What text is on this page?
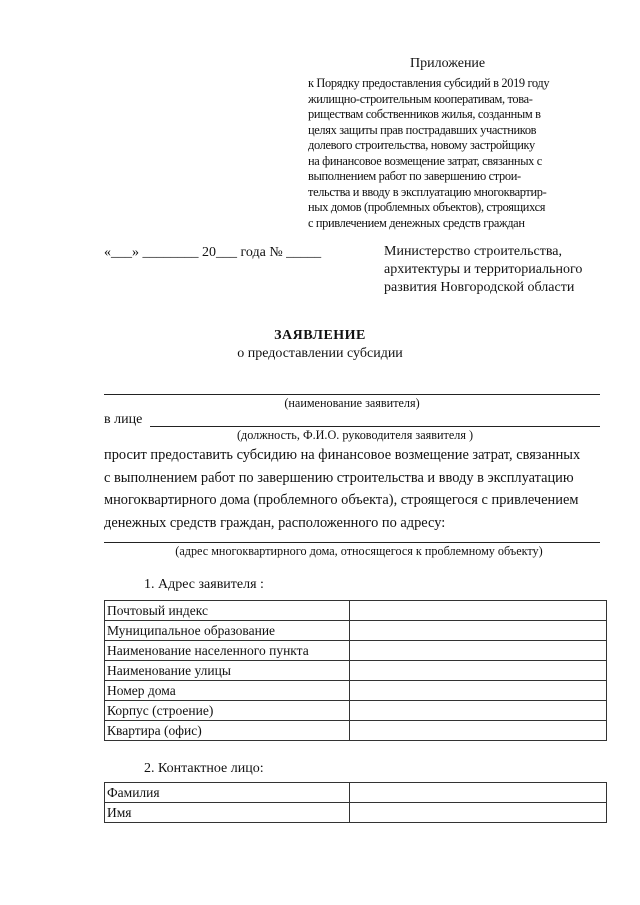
Приложение
к Порядку предоставления субсидий в 2019 году
жилищно-строительным кооперативам, това-
риществам собственников жилья, созданным в
целях защиты прав пострадавших участников
долевого строительства, новому застройщику
на финансовое возмещение затрат, связанных с
выполнением работ по завершению строи-
тельства и вводу в эксплуатацию многоквартир-
ных домов (проблемных объектов), строящихся
с привлечением денежных средств граждан
«___» ________ 20___ года № _____	Министерство строительства,
архитектуры и территориального
развития Новгородской области
ЗАЯВЛЕНИЕ
о предоставлении субсидии
(наименование заявителя)
в лице
(должность, Ф.И.О. руководителя заявителя )
просит предоставить субсидию на финансовое возмещение затрат, связанных
с выполнением работ по завершению строительства и вводу в эксплуатацию
многоквартирного дома (проблемного объекта), строящегося с привлечением
денежных средств граждан, расположенного по адресу:
(адрес многоквартирного дома, относящегося к проблемному объекту)
1. Адрес заявителя :
Почтовый индекс	
Муниципальное образование	
Наименование населенного пункта	
Наименование улицы	
Номер дома	
Корпус (строение)	
Квартира (офис)	
2. Контактное лицо:
Фамилия	
Имя	
